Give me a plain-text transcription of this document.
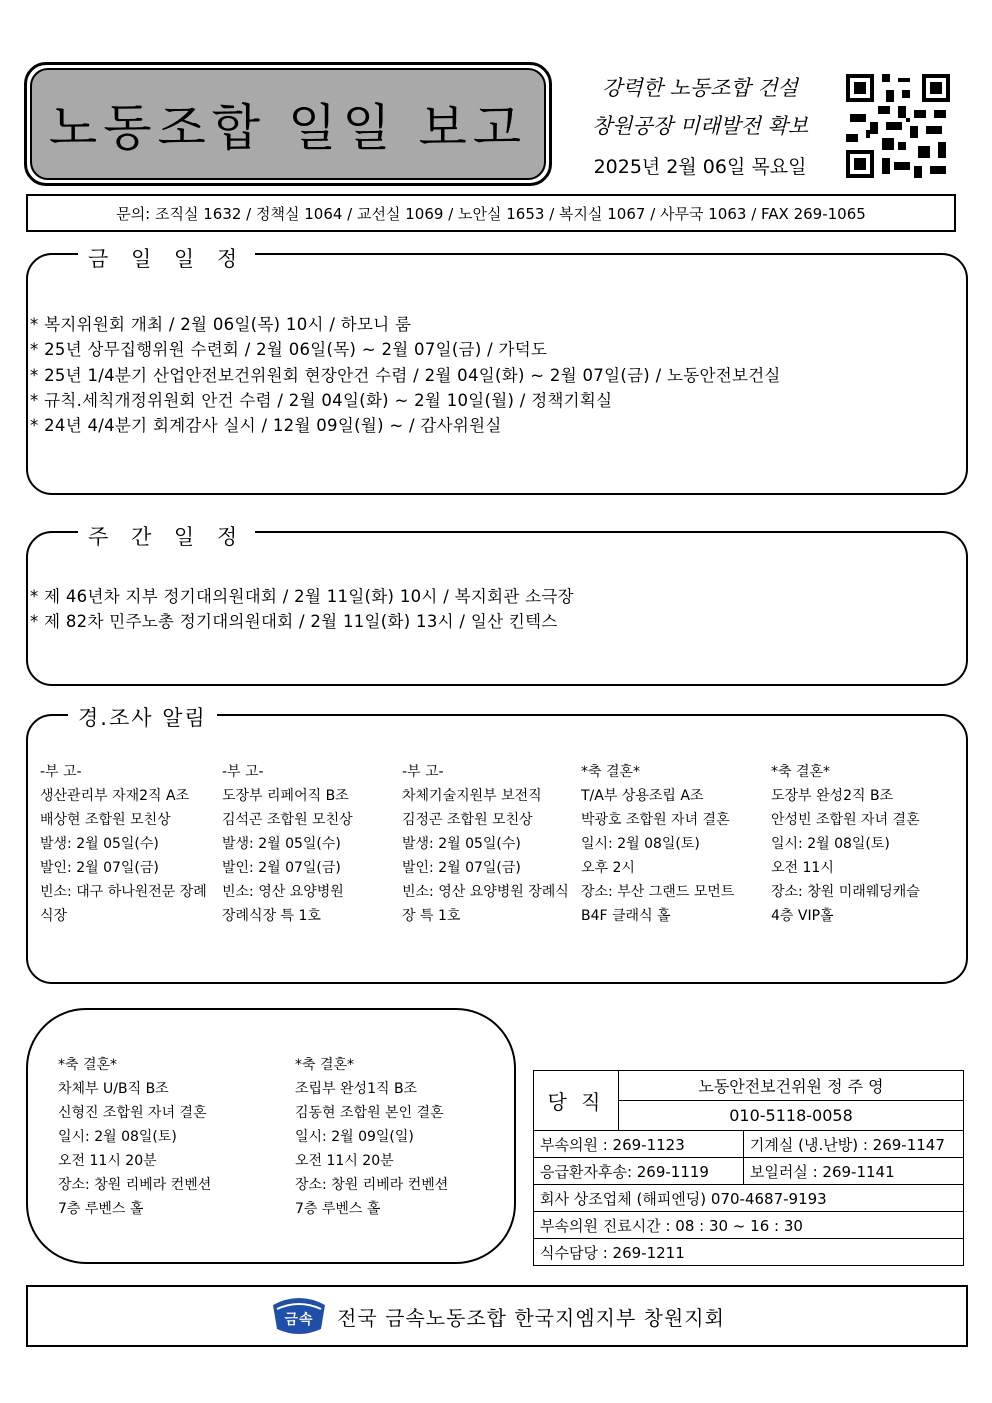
노동조합 일일 보고
강력한 노동조합 건설
창원공장 미래발전 확보
2025년 2월 06일 목요일
문의: 조직실 1632 / 정책실 1064 / 교선실 1069 / 노안실 1653 / 복지실 1067 / 사무국 1063 / FAX 269-1065
금 일 일 정
* 복지위원회 개최 / 2월 06일(목) 10시 / 하모니 룸
* 25년 상무집행위원 수련회 / 2월 06일(목) ~ 2월 07일(금) / 가덕도
* 25년 1/4분기 산업안전보건위원회 현장안건 수렴 / 2월 04일(화) ~ 2월 07일(금) / 노동안전보건실
* 규칙.세칙개정위원회 안건 수렴 / 2월 04일(화) ~ 2월 10일(월) / 정책기획실
* 24년 4/4분기 회계감사 실시 / 12월 09일(월) ~ / 감사위원실
주 간 일 정
* 제 46년차 지부 정기대의원대회 / 2월 11일(화) 10시 / 복지회관 소극장
* 제 82차 민주노총 정기대의원대회 / 2월 11일(화) 13시 / 일산 킨텍스
경.조사 알림
-부 고-
생산관리부 자재2직 A조
배상현 조합원 모친상
발생: 2월 05일(수)
발인: 2월 07일(금)
빈소: 대구 하나원전문 장례
식장
-부 고-
도장부 리페어직 B조
김석곤 조합원 모친상
발생: 2월 05일(수)
발인: 2월 07일(금)
빈소: 영산 요양병원
장례식장 특 1호
-부 고-
차체기술지원부 보전직
김정곤 조합원 모친상
발생: 2월 05일(수)
발인: 2월 07일(금)
빈소: 영산 요양병원 장례식
장 특 1호
*축 결혼*
T/A부 상용조립 A조
박광호 조합원 자녀 결혼
일시: 2월 08일(토)
오후 2시
장소: 부산 그랜드 모먼트
B4F 클래식 홀
*축 결혼*
도장부 완성2직 B조
안성빈 조합원 자녀 결혼
일시: 2월 08일(토)
오전 11시
장소: 창원 미래웨딩캐슬
4층 VIP홀
*축 결혼*
차체부 U/B직 B조
신형진 조합원 자녀 결혼
일시: 2월 08일(토)
오전 11시 20분
장소: 창원 리베라 컨벤션
7층 루벤스 홀
*축 결혼*
조립부 완성1직 B조
김동현 조합원 본인 결혼
일시: 2월 09일(일)
오전 11시 20분
장소: 창원 리베라 컨벤션
7층 루벤스 홀
당 직	노동안전보건위원 정 주 영	
	010-5118-0058	
부속의원 : 269-1123		기계실 (냉.난방) : 269-1147
응급환자후송: 269-1119		보일러실 : 269-1141
회사 상조업체 (해피엔딩) 070-4687-9193		
부속의원 진료시간 : 08 : 30 ~ 16 : 30		
식수담당 : 269-1211		
금속 전국 금속노동조합 한국지엠지부 창원지회
